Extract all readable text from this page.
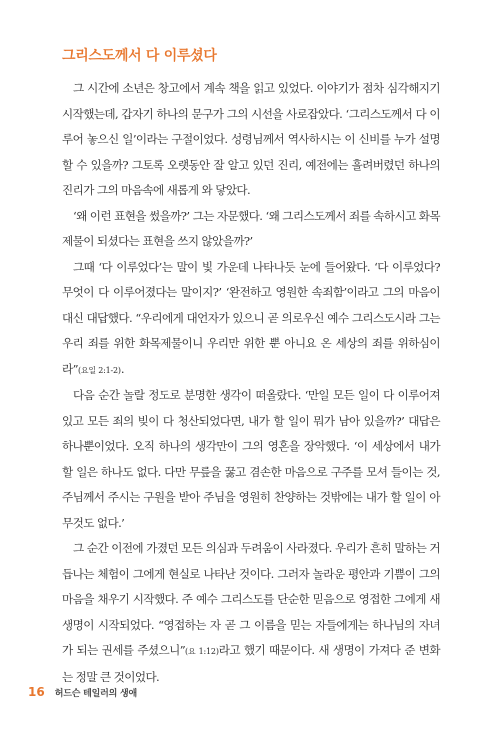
그리스도께서 다 이루셨다

그 시간에 소년은 창고에서 계속 책을 읽고 있었다. 이야기가 점차 심각해지기 시작했는데, 갑자기 하나의 문구가 그의 시선을 사로잡았다. ‘그리스도께서 다 이루어 놓으신 일’이라는 구절이었다. 성령님께서 역사하시는 이 신비를 누가 설명할 수 있을까? 그토록 오랫동안 잘 알고 있던 진리, 예전에는 흘려버렸던 하나의 진리가 그의 마음속에 새롭게 와 닿았다.

‘왜 이런 표현을 썼을까?’ 그는 자문했다. ‘왜 그리스도께서 죄를 속하시고 화목제물이 되셨다는 표현을 쓰지 않았을까?’

그때 ‘다 이루었다’는 말이 빛 가운데 나타나듯 눈에 들어왔다. ‘다 이루었다? 무엇이 다 이루어졌다는 말이지?’ ‘완전하고 영원한 속죄함’이라고 그의 마음이 대신 대답했다. “우리에게 대언자가 있으니 곧 의로우신 예수 그리스도시라 그는 우리 죄를 위한 화목제물이니 우리만 위한 뿐 아니요 온 세상의 죄를 위하심이라”(요일 2:1-2).

다음 순간 놀랄 정도로 분명한 생각이 떠올랐다. ‘만일 모든 일이 다 이루어져 있고 모든 죄의 빚이 다 청산되었다면, 내가 할 일이 뭐가 남아 있을까?’ 대답은 하나뿐이었다. 오직 하나의 생각만이 그의 영혼을 장악했다. ‘이 세상에서 내가 할 일은 하나도 없다. 다만 무릎을 꿇고 겸손한 마음으로 구주를 모셔 들이는 것, 주님께서 주시는 구원을 받아 주님을 영원히 찬양하는 것밖에는 내가 할 일이 아무것도 없다.’

그 순간 이전에 가졌던 모든 의심과 두려움이 사라졌다. 우리가 흔히 말하는 거듭나는 체험이 그에게 현실로 나타난 것이다. 그러자 놀라운 평안과 기쁨이 그의 마음을 채우기 시작했다. 주 예수 그리스도를 단순한 믿음으로 영접한 그에게 새 생명이 시작되었다. “영접하는 자 곧 그 이름을 믿는 자들에게는 하나님의 자녀가 되는 권세를 주셨으니”(요 1:12)라고 했기 때문이다. 새 생명이 가져다 준 변화는 정말 큰 것이었다.

16 허드슨 테일러의 생애
